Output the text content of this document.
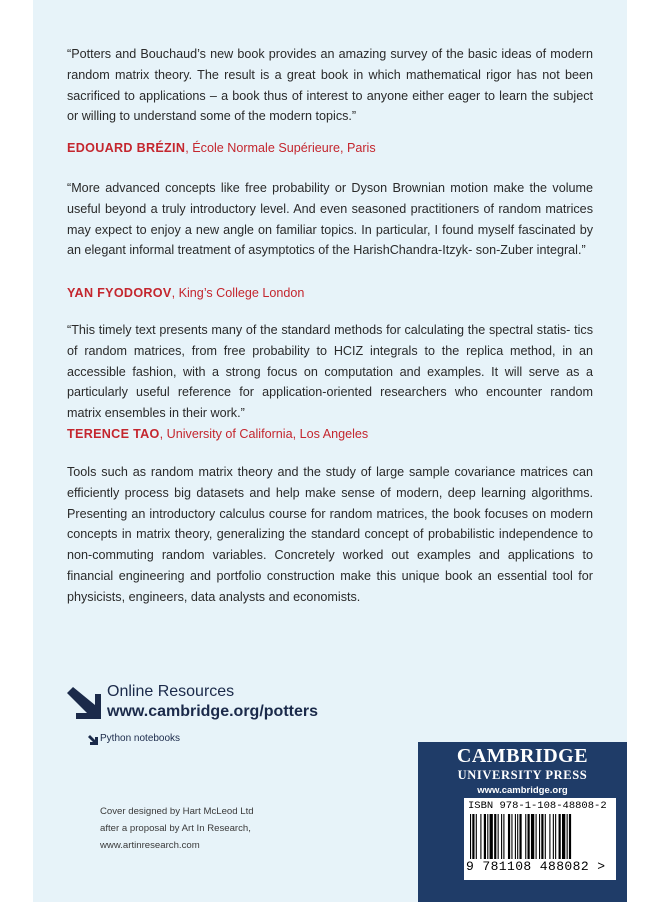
“Potters and Bouchaud’s new book provides an amazing survey of the basic ideas of modern random matrix theory. The result is a great book in which mathematical rigor has not been sacrificed to applications – a book thus of interest to anyone either eager to learn the subject or willing to understand some of the modern topics.”

EDOUARD BRÉZIN, École Normale Supérieure, Paris

“More advanced concepts like free probability or Dyson Brownian motion make the volume useful beyond a truly introductory level. And even seasoned practitioners of random matrices may expect to enjoy a new angle on familiar topics. In particular, I found myself fascinated by an elegant informal treatment of asymptotics of the HarishChandra-Itzyk- son-Zuber integral.”

YAN FYODOROV, King’s College London

“This timely text presents many of the standard methods for calculating the spectral statis- tics of random matrices, from free probability to HCIZ integrals to the replica method, in an accessible fashion, with a strong focus on computation and examples. It will serve as a particularly useful reference for application-oriented researchers who encounter random matrix ensembles in their work.”

TERENCE TAO, University of California, Los Angeles

Tools such as random matrix theory and the study of large sample covariance matrices can efficiently process big datasets and help make sense of modern, deep learning algorithms. Presenting an introductory calculus course for random matrices, the book focuses on modern concepts in matrix theory, generalizing the standard concept of probabilistic independence to non-commuting random variables. Concretely worked out examples and applications to financial engineering and portfolio construction make this unique book an essential tool for physicists, engineers, data analysts and economists.

Online Resources
www.cambridge.org/potters
Python notebooks
Cover designed by Hart McLeod Ltd
after a proposal by Art In Research,
www.artinresearch.com
CAMBRIDGE
UNIVERSITY PRESS
www.cambridge.org
ISBN 978-1-108-48808-2
9 781108 488082 >
